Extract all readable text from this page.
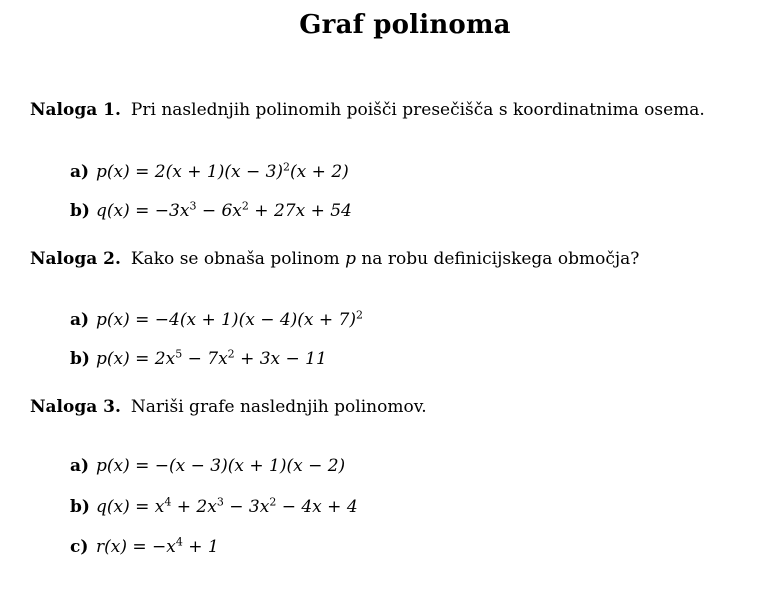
Graf polinoma
Naloga 1. Pri naslednjih polinomih poišči presečišča s koordinatnima osema.
a) $p(x) = 2(x + 1)(x - 3)^2(x + 2)$
b) $q(x) = -3x^3 - 6x^2 + 27x + 54$
Naloga 2. Kako se obnaša polinom p na robu definicijskega območja?
a) $p(x) = -4(x + 1)(x - 4)(x + 7)^2$
b) $p(x) = 2x^5 - 7x^2 + 3x - 11$
Naloga 3. Nariši grafe naslednjih polinomov.
a) p(x) = −(x − 3)(x + 1)(x − 2)
b) $q(x) = x^4 + 2x^3 - 3x^2 - 4x + 4$
c) $r(x) = -x^4 + 1$
